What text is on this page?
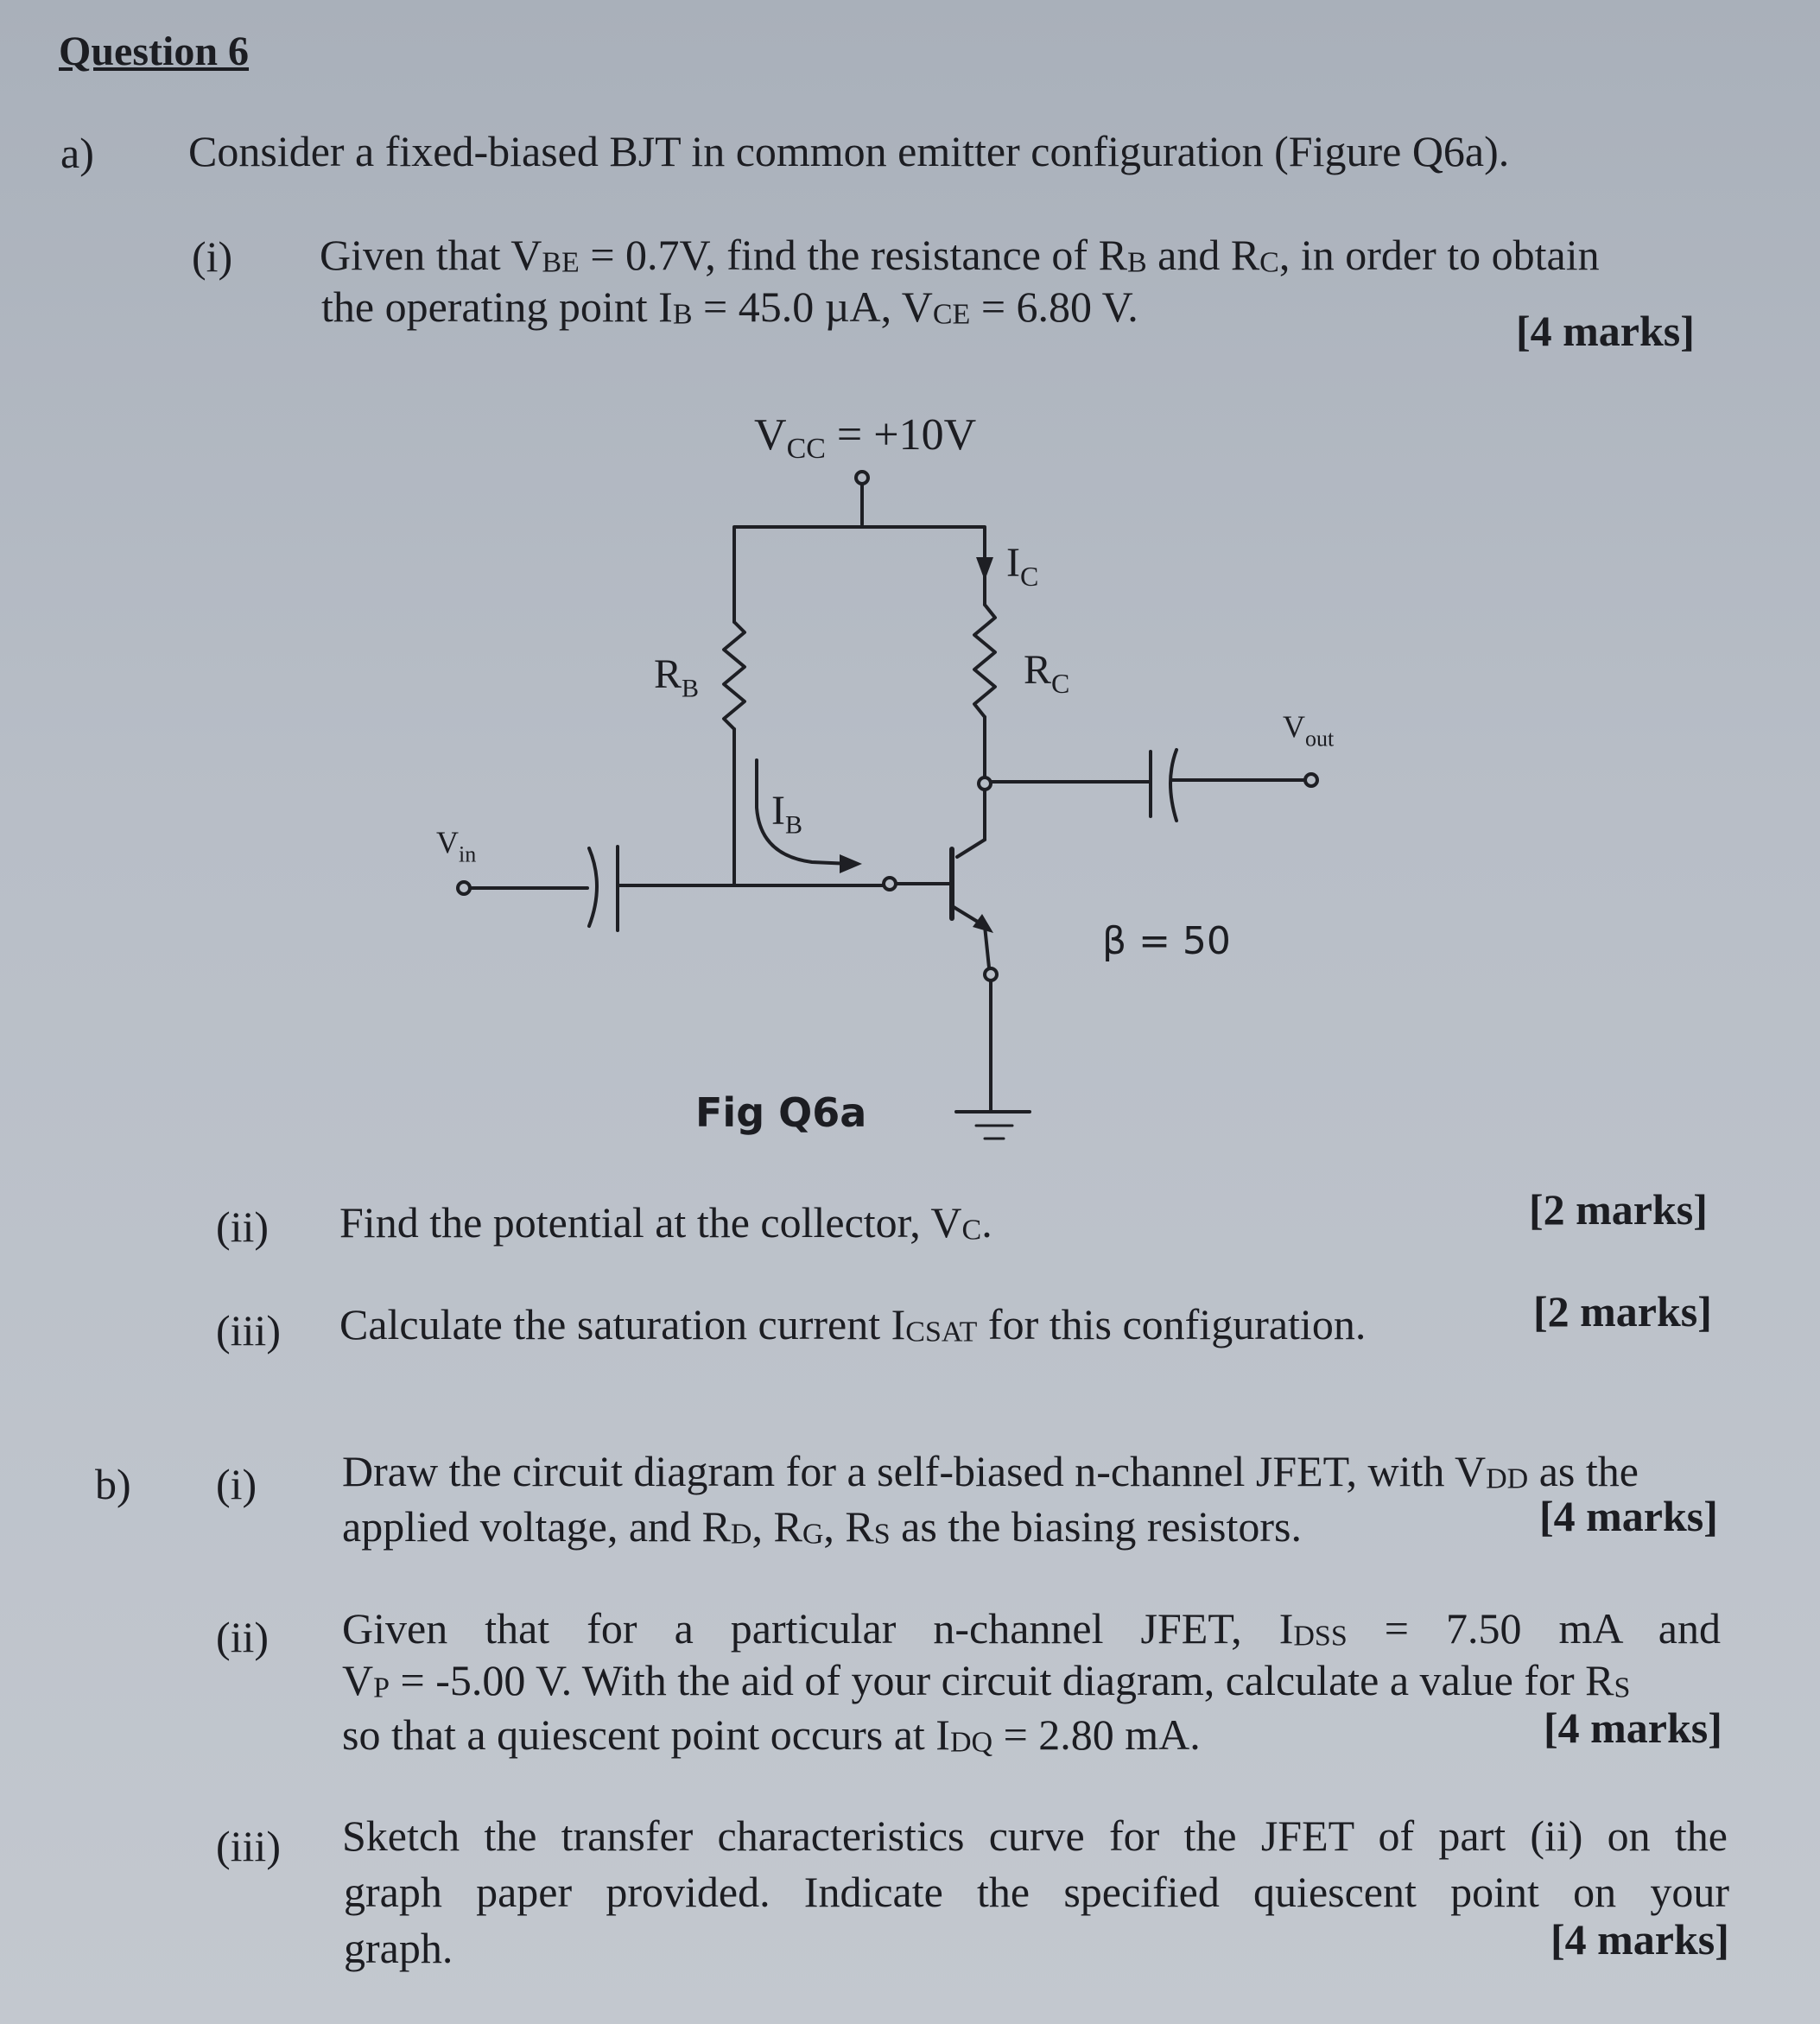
Question 6
a) Consider a fixed-biased BJT in common emitter configuration (Figure Q6a).
(i) Given that $V_{BE} = 0.7V$, find the resistance of $R_B$ and $R_C$, in order to obtain
the operating point $I_B = 45.0$ µA, $V_{CE} = 6.80$ V.	[4 marks]
$V_{CC} = +10V$
$I_C$
$R_B$	$R_C$
$I_B$
$V_{in}$
$V_{out}$
β = 50
Fig Q6a
(ii) Find the potential at the collector, $V_C$.	[2 marks]
(iii) Calculate the saturation current $I_{CSAT}$ for this configuration.	[2 marks]
b) (i) Draw the circuit diagram for a self-biased n-channel JFET, with $V_{DD}$ as the
applied voltage, and $R_D$, $R_G$, $R_S$ as the biasing resistors.	[4 marks]
(ii) Given that for a particular n-channel JFET, $I_{DSS} = 7.50$ mA and
$V_P = -5.00$ V. With the aid of your circuit diagram, calculate a value for $R_S$
so that a quiescent point occurs at $I_{DQ} = 2.80$ mA.	[4 marks]
(iii) Sketch the transfer characteristics curve for the JFET of part (ii) on the
graph paper provided. Indicate the specified quiescent point on your
graph.	[4 marks]
